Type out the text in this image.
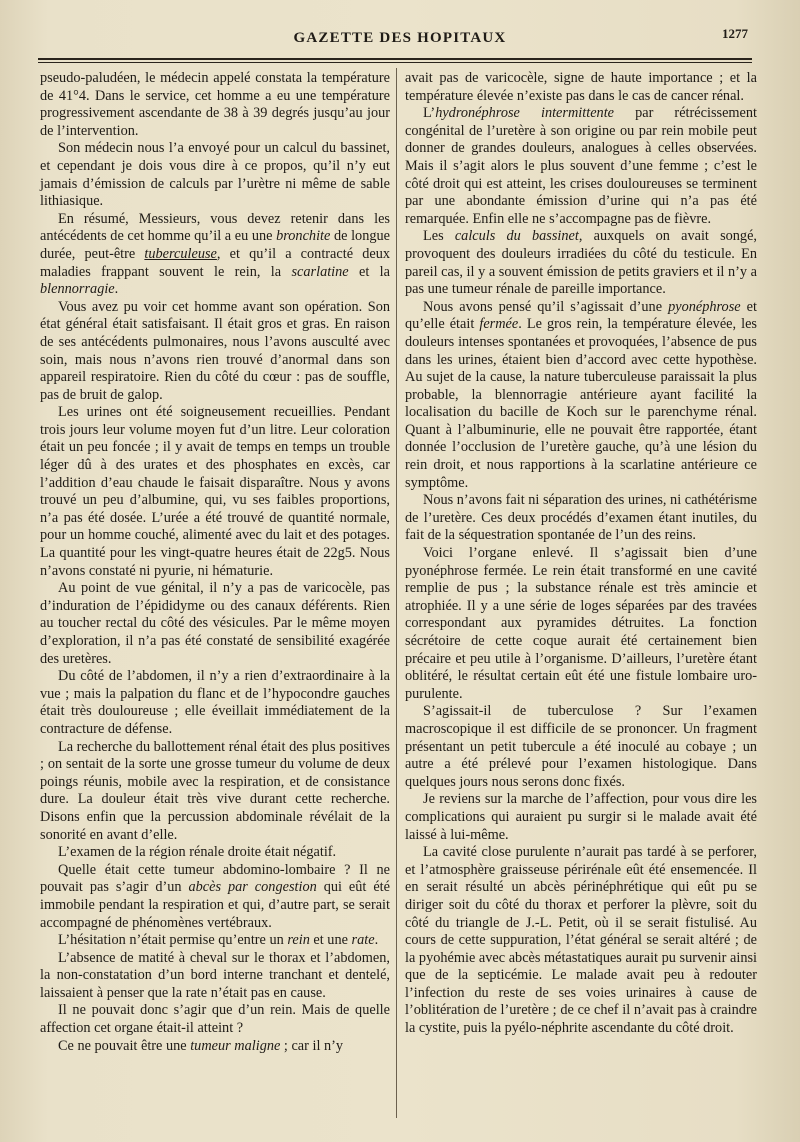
GAZETTE DES HOPITAUX	1277

pseudo-paludéen, le médecin appelé constata la température de 41°4. Dans le service, cet homme a eu une température progressivement ascendante de 38 à 39 degrés jusqu’au jour de l’intervention.

Son médecin nous l’a envoyé pour un calcul du bassinet, et cependant je dois vous dire à ce propos, qu’il n’y eut jamais d’émission de calculs par l’urètre ni même de sable lithiasique.

En résumé, Messieurs, vous devez retenir dans les antécédents de cet homme qu’il a eu une bronchite de longue durée, peut-être tuberculeuse, et qu’il a contracté deux maladies frappant souvent le rein, la scarlatine et la blennorragie.

Vous avez pu voir cet homme avant son opération. Son état général était satisfaisant. Il était gros et gras. En raison de ses antécédents pulmonaires, nous l’avons ausculté avec soin, mais nous n’avons rien trouvé d’anormal dans son appareil respiratoire. Rien du côté du cœur : pas de souffle, pas de bruit de galop.

Les urines ont été soigneusement recueillies. Pendant trois jours leur volume moyen fut d’un litre. Leur coloration était un peu foncée ; il y avait de temps en temps un trouble léger dû à des urates et des phosphates en excès, car l’addition d’eau chaude le faisait disparaître. Nous y avons trouvé un peu d’albumine, qui, vu ses faibles proportions, n’a pas été dosée. L’urée a été trouvé de quantité normale, pour un homme couché, alimenté avec du lait et des potages. La quantité pour les vingt-quatre heures était de 22g5. Nous n’avons constaté ni pyurie, ni hématurie.

Au point de vue génital, il n’y a pas de varicocèle, pas d’induration de l’épididyme ou des canaux déférents. Rien au toucher rectal du côté des vésicules. Par le même moyen d’exploration, il n’a pas été constaté de sensibilité exagérée des uretères.

Du côté de l’abdomen, il n’y a rien d’extraordinaire à la vue ; mais la palpation du flanc et de l’hypocondre gauches était très douloureuse ; elle éveillait immédiatement de la contracture de défense.

La recherche du ballottement rénal était des plus positives ; on sentait de la sorte une grosse tumeur du volume de deux poings réunis, mobile avec la respiration, et de consistance dure. La douleur était très vive durant cette recherche. Disons enfin que la percussion abdominale révélait de la sonorité en avant d’elle.

L’examen de la région rénale droite était négatif.

Quelle était cette tumeur abdomino-lombaire ? Il ne pouvait pas s’agir d’un abcès par congestion qui eût été immobile pendant la respiration et qui, d’autre part, se serait accompagné de phénomènes vertébraux.

L’hésitation n’était permise qu’entre un rein et une rate.

L’absence de matité à cheval sur le thorax et l’abdomen, la non-constatation d’un bord interne tranchant et dentelé, laissaient à penser que la rate n’était pas en cause.

Il ne pouvait donc s’agir que d’un rein. Mais de quelle affection cet organe était-il atteint ?

Ce ne pouvait être une tumeur maligne ; car il n’y

avait pas de varicocèle, signe de haute importance ; et la température élevée n’existe pas dans le cas de cancer rénal.

L’hydronéphrose intermittente par rétrécissement congénital de l’uretère à son origine ou par rein mobile peut donner de grandes douleurs, analogues à celles observées. Mais il s’agit alors le plus souvent d’une femme ; c’est le côté droit qui est atteint, les crises douloureuses se terminent par une abondante émission d’urine qui n’a pas été remarquée. Enfin elle ne s’accompagne pas de fièvre.

Les calculs du bassinet, auxquels on avait songé, provoquent des douleurs irradiées du côté du testicule. En pareil cas, il y a souvent émission de petits graviers et il n’y a pas une tumeur rénale de pareille importance.

Nous avons pensé qu’il s’agissait d’une pyonéphrose et qu’elle était fermée. Le gros rein, la température élevée, les douleurs intenses spontanées et provoquées, l’absence de pus dans les urines, étaient bien d’accord avec cette hypothèse. Au sujet de la cause, la nature tuberculeuse paraissait la plus probable, la blennorragie antérieure ayant facilité la localisation du bacille de Koch sur le parenchyme rénal. Quant à l’albuminurie, elle ne pouvait être rapportée, étant donnée l’occlusion de l’uretère gauche, qu’à une lésion du rein droit, et nous rapportions à la scarlatine antérieure ce symptôme.

Nous n’avons fait ni séparation des urines, ni cathétérisme de l’uretère. Ces deux procédés d’examen étant inutiles, du fait de la séquestration spontanée de l’un des reins.

Voici l’organe enlevé. Il s’agissait bien d’une pyonéphrose fermée. Le rein était transformé en une cavité remplie de pus ; la substance rénale est très amincie et atrophiée. Il y a une série de loges séparées par des travées correspondant aux pyramides détruites. La fonction sécrétoire de cette coque aurait été certainement bien précaire et peu utile à l’organisme. D’ailleurs, l’uretère étant oblitéré, le résultat certain eût été une fistule lombaire uro-purulente.

S’agissait-il de tuberculose ? Sur l’examen macroscopique il est difficile de se prononcer. Un fragment présentant un petit tubercule a été inoculé au cobaye ; un autre a été prélevé pour l’examen histologique. Dans quelques jours nous serons donc fixés.

Je reviens sur la marche de l’affection, pour vous dire les complications qui auraient pu surgir si le malade avait été laissé à lui-même.

La cavité close purulente n’aurait pas tardé à se perforer, et l’atmosphère graisseuse périrénale eût été ensemencée. Il en serait résulté un abcès périnéphrétique qui eût pu se diriger soit du côté du thorax et perforer la plèvre, soit du côté du triangle de J.-L. Petit, où il se serait fistulisé. Au cours de cette suppuration, l’état général se serait altéré ; de la pyohémie avec abcès métastatiques aurait pu survenir ainsi que de la septicémie. Le malade avait peu à redouter l’infection du reste de ses voies urinaires à cause de l’oblitération de l’uretère ; de ce chef il n’avait pas à craindre la cystite, puis la pyélo-néphrite ascendante du côté droit.
